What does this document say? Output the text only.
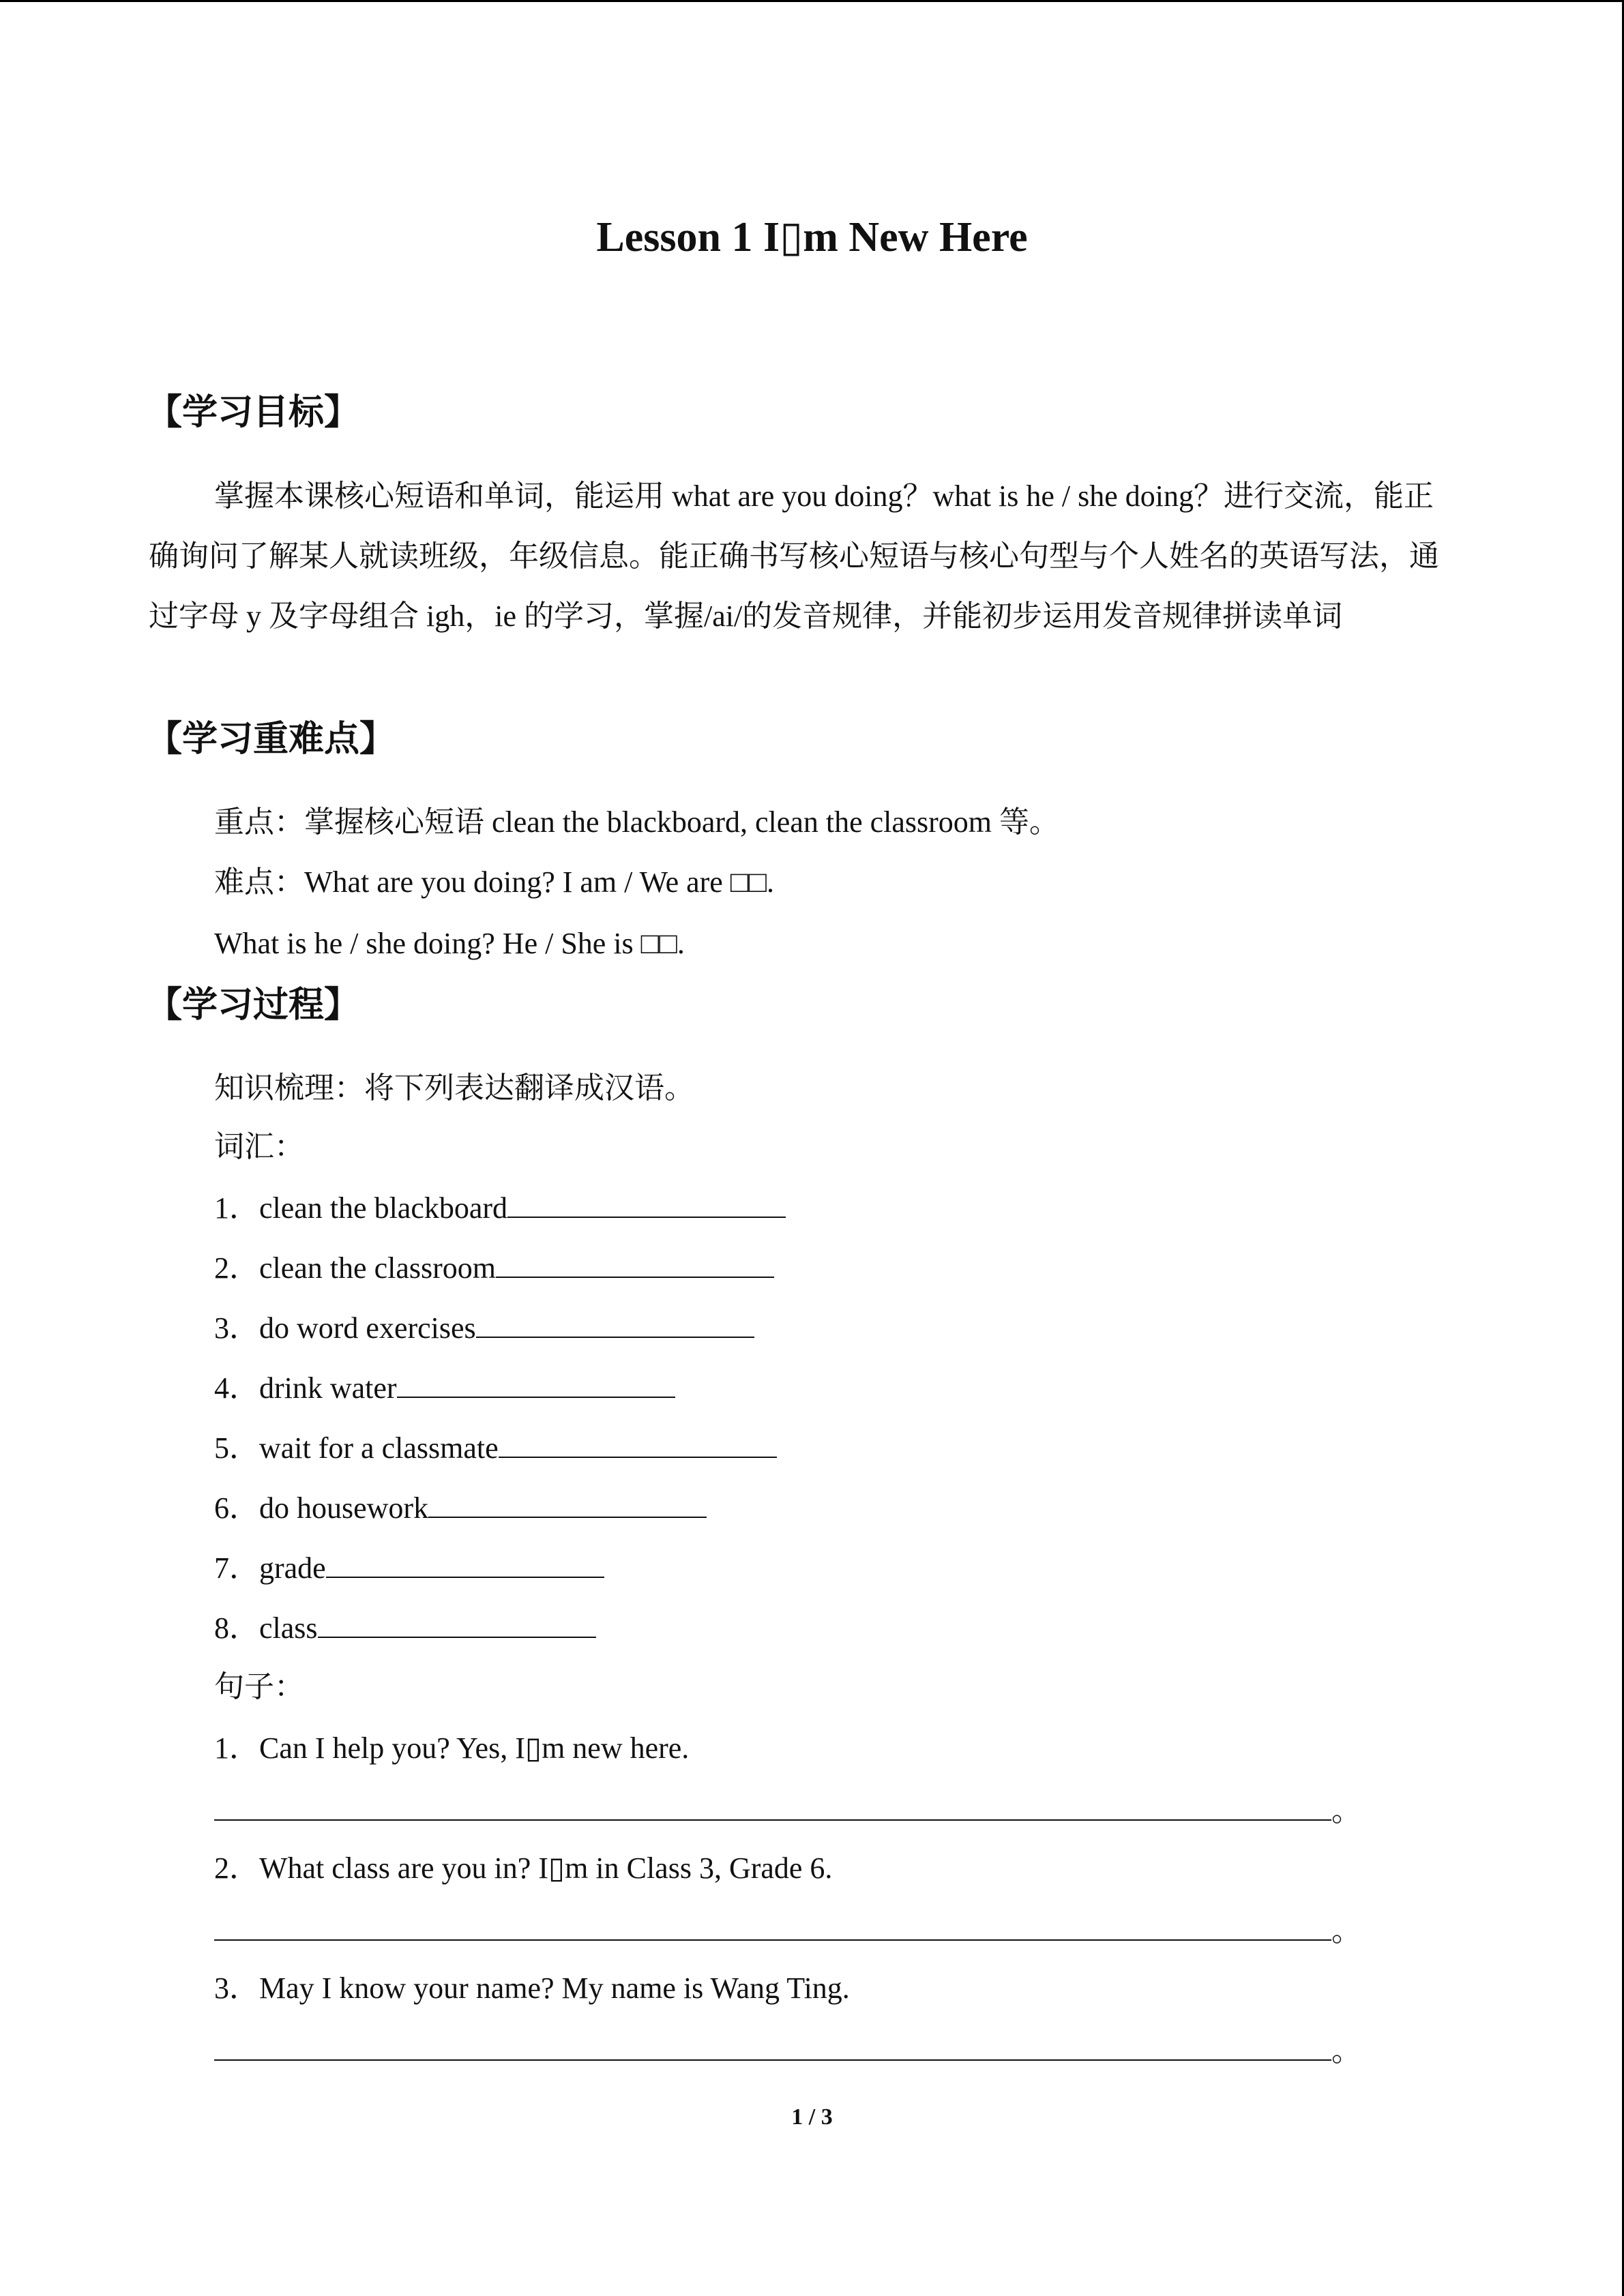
Lesson 1 I▯m New Here
【学习目标】
掌握本课核心短语和单词，能运用 what are you doing？what is he / she doing？进行交流，能正确询问了解某人就读班级，年级信息。能正确书写核心短语与核心句型与个人姓名的英语写法，通过字母 y 及字母组合 igh，ie 的学习，掌握/ai/的发音规律，并能初步运用发音规律拼读单词
【学习重难点】
重点：掌握核心短语 clean the blackboard, clean the classroom 等。
难点：What are you doing? I am / We are □□.
What is he / she doing? He / She is □□.
【学习过程】
知识梳理：将下列表达翻译成汉语。
词汇：
1．clean the blackboard
2．clean the classroom
3．do word exercises
4．drink water
5．wait for a classmate
6．do housework
7．grade
8．class
句子：
1．Can I help you? Yes, I▯m new here.
。
2．What class are you in? I▯m in Class 3, Grade 6.
。
3．May I know your name? My name is Wang Ting.
。
1 / 3
